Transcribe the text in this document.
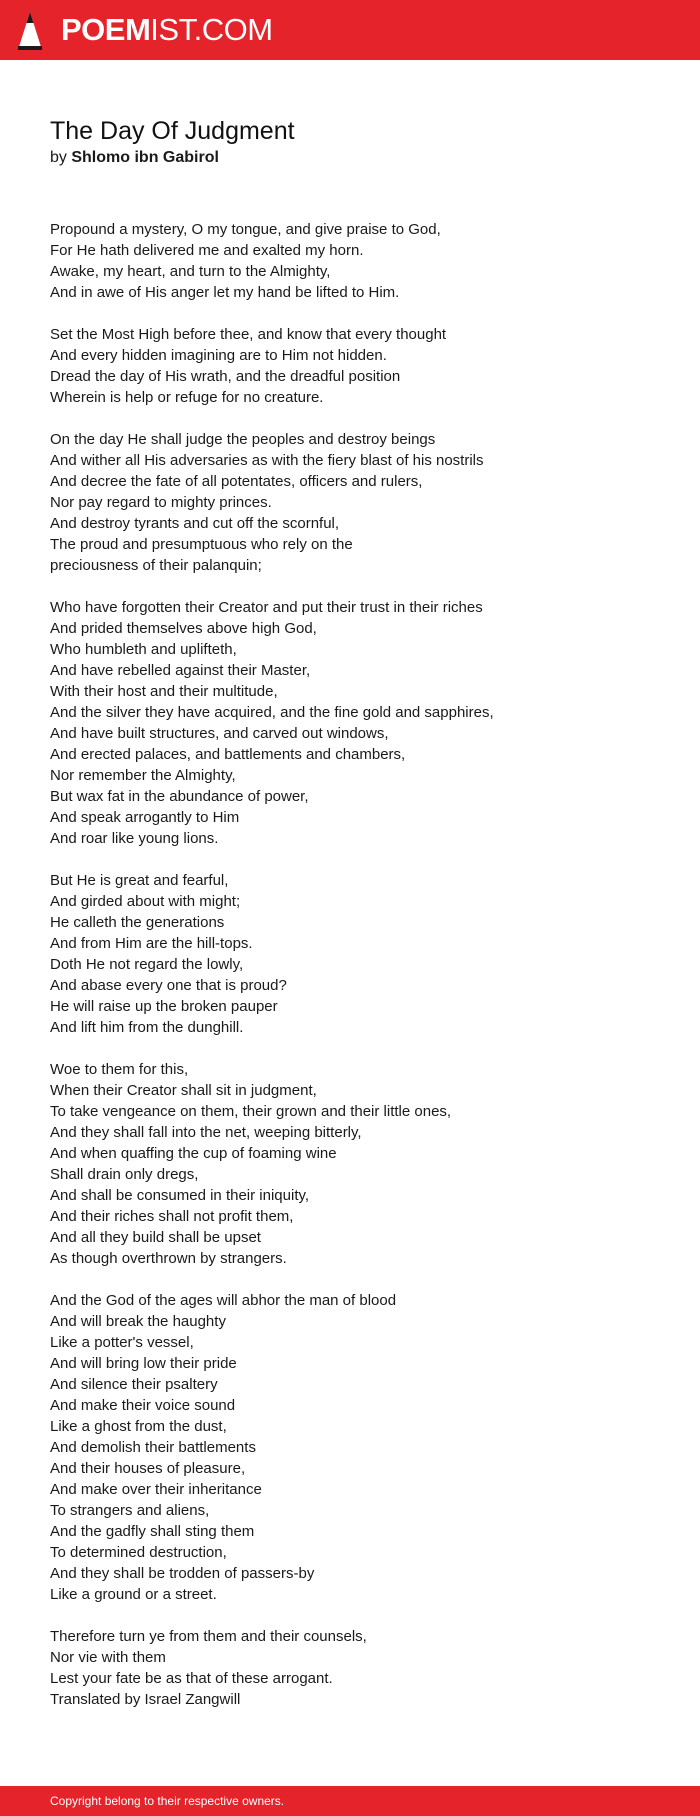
POEMIST.COM
The Day Of Judgment
by Shlomo ibn Gabirol
Propound a mystery, O my tongue, and give praise to God,
For He hath delivered me and exalted my horn.
Awake, my heart, and turn to the Almighty,
And in awe of His anger let my hand be lifted to Him.
Set the Most High before thee, and know that every thought
And every hidden imagining are to Him not hidden.
Dread the day of His wrath, and the dreadful position
Wherein is help or refuge for no creature.
On the day He shall judge the peoples and destroy beings
And wither all His adversaries as with the fiery blast of his nostrils
And decree the fate of all potentates, officers and rulers,
Nor pay regard to mighty princes.
And destroy tyrants and cut off the scornful,
The proud and presumptuous who rely on the
preciousness of their palanquin;
Who have forgotten their Creator and put their trust in their riches
And prided themselves above high God,
Who humbleth and uplifteth,
And have rebelled against their Master,
With their host and their multitude,
And the silver they have acquired, and the fine gold and sapphires,
And have built structures, and carved out windows,
And erected palaces, and battlements and chambers,
Nor remember the Almighty,
But wax fat in the abundance of power,
And speak arrogantly to Him
And roar like young lions.
But He is great and fearful,
And girded about with might;
He calleth the generations
And from Him are the hill-tops.
Doth He not regard the lowly,
And abase every one that is proud?
He will raise up the broken pauper
And lift him from the dunghill.
Woe to them for this,
When their Creator shall sit in judgment,
To take vengeance on them, their grown and their little ones,
And they shall fall into the net, weeping bitterly,
And when quaffing the cup of foaming wine
Shall drain only dregs,
And shall be consumed in their iniquity,
And their riches shall not profit them,
And all they build shall be upset
As though overthrown by strangers.
And the God of the ages will abhor the man of blood
And will break the haughty
Like a potter's vessel,
And will bring low their pride
And silence their psaltery
And make their voice sound
Like a ghost from the dust,
And demolish their battlements
And their houses of pleasure,
And make over their inheritance
To strangers and aliens,
And the gadfly shall sting them
To determined destruction,
And they shall be trodden of passers-by
Like a ground or a street.
Therefore turn ye from them and their counsels,
Nor vie with them
Lest your fate be as that of these arrogant.
Translated by Israel Zangwill
Copyright belong to their respective owners.
